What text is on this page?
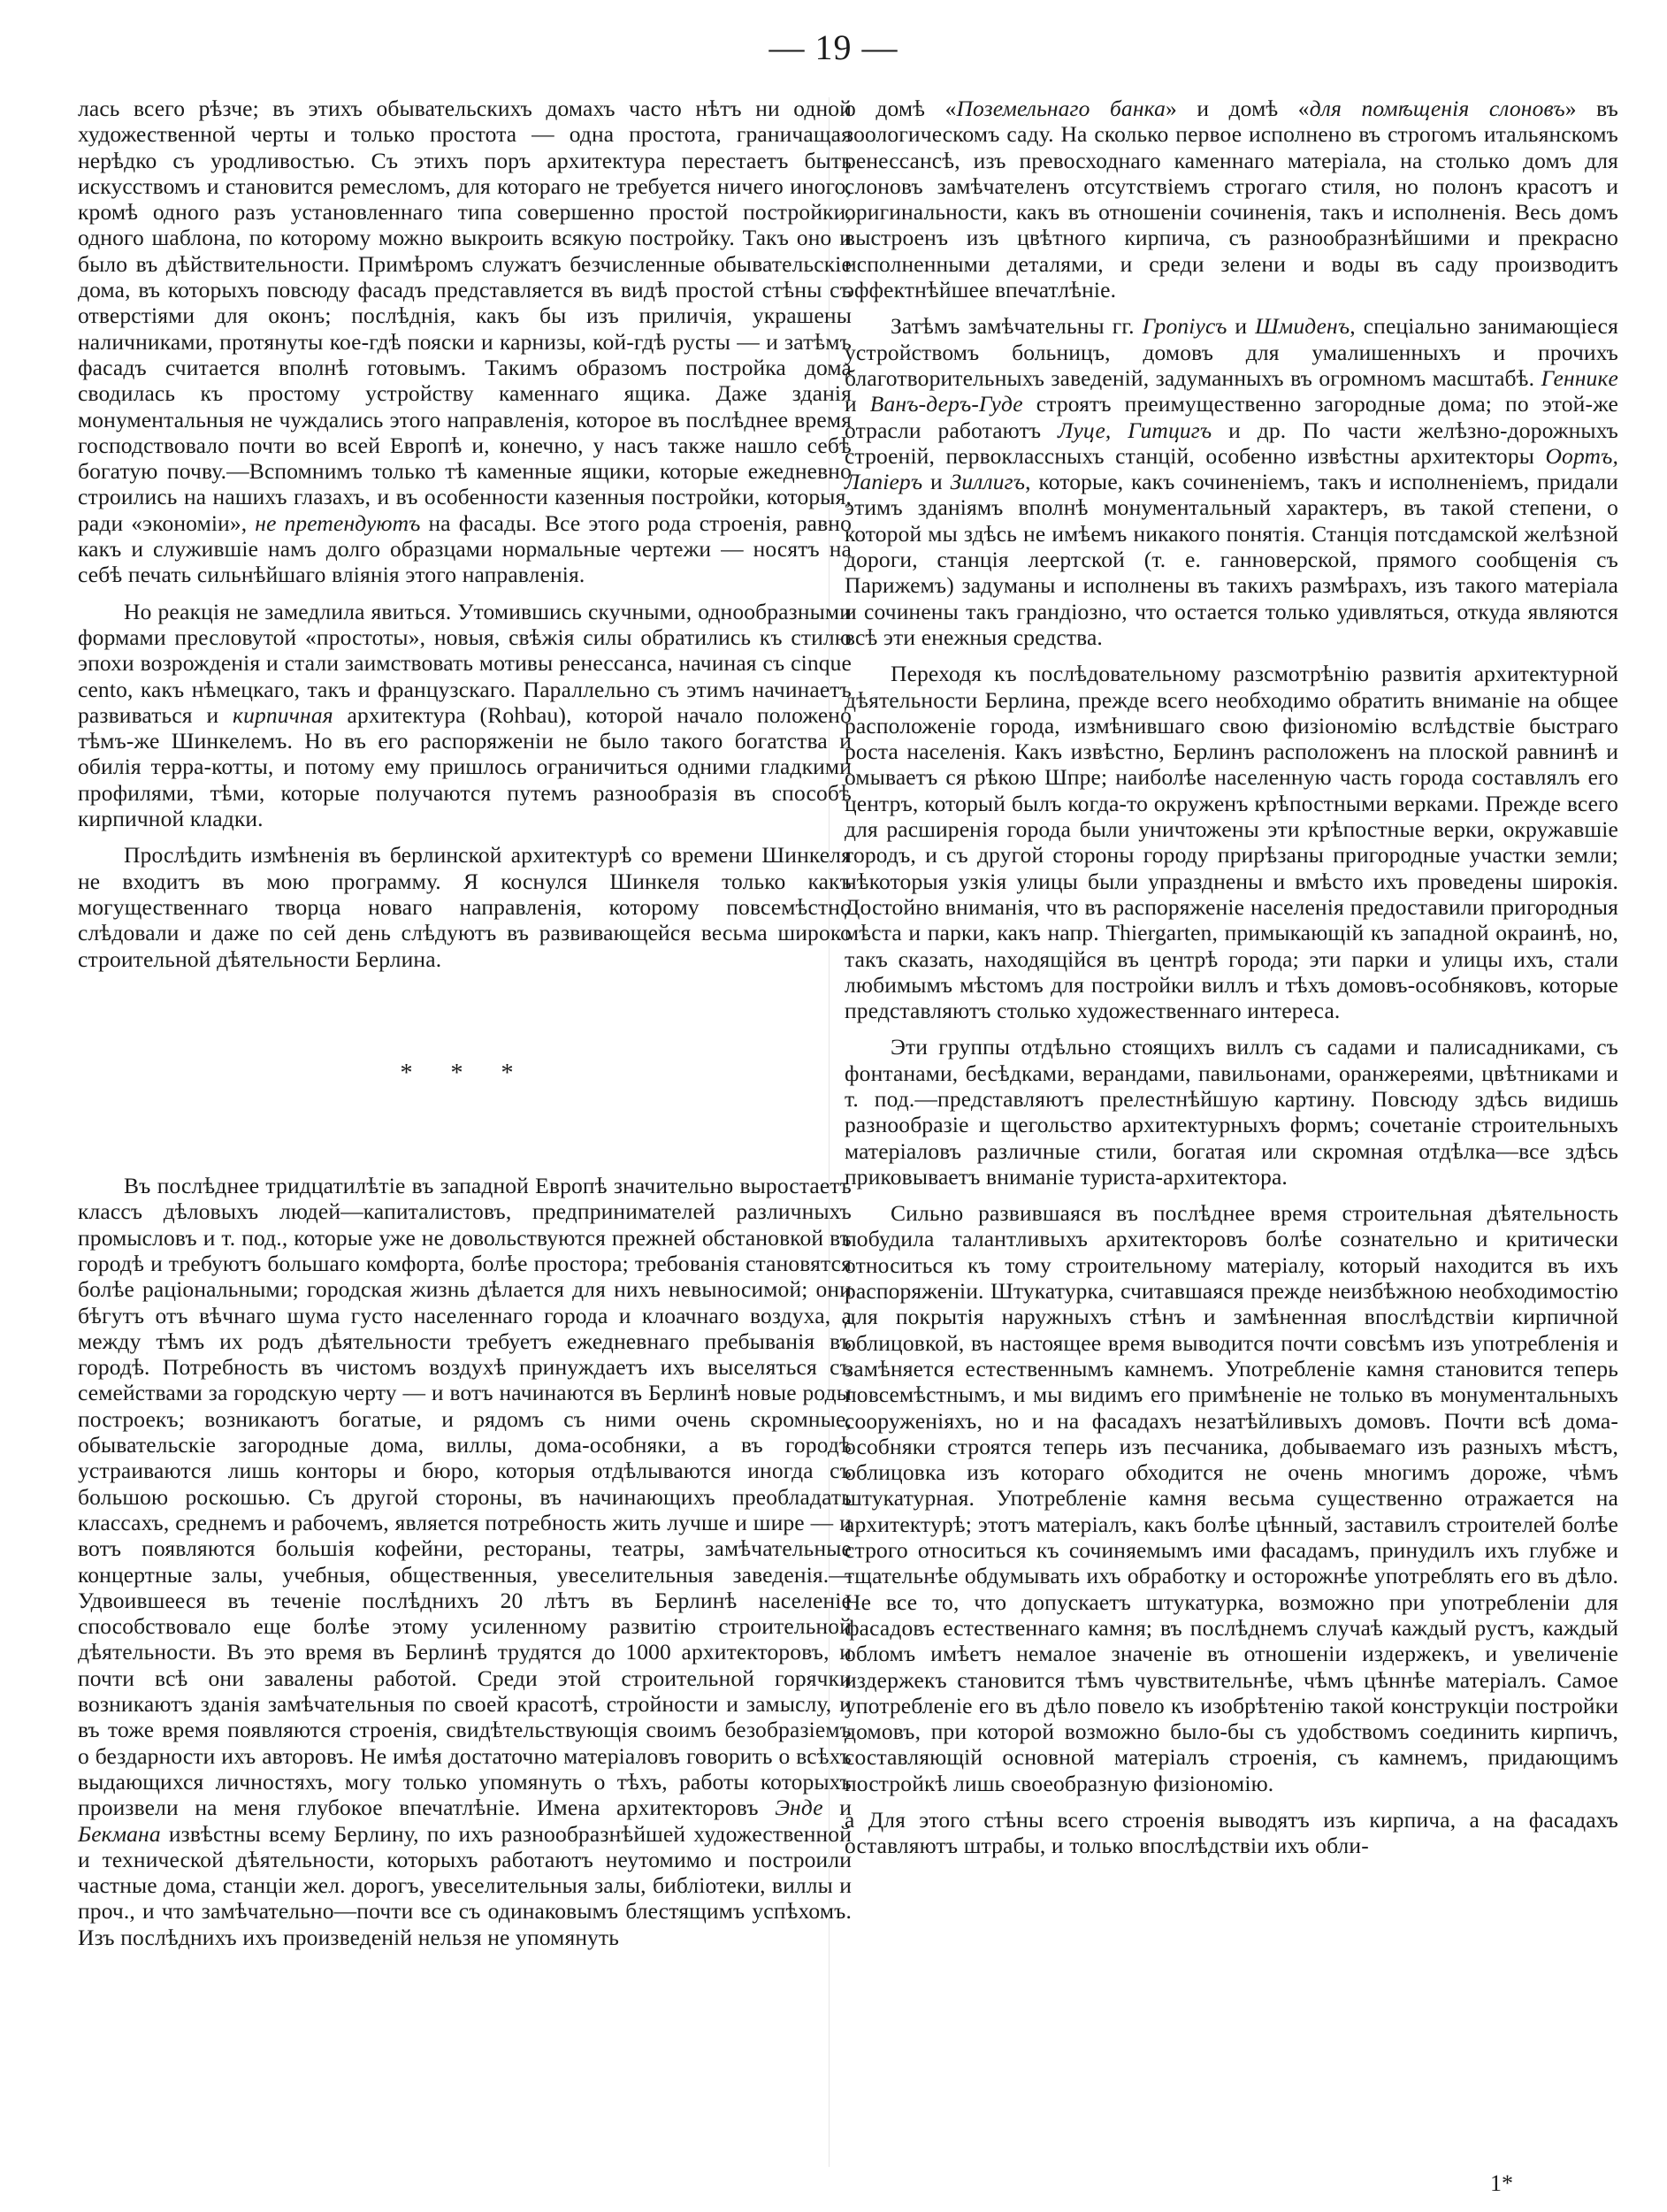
— 19 —

лась всего рѣзче; въ этихъ обывательскихъ домахъ часто нѣтъ ни одной художественной черты и только простота — одна простота, граничащая нерѣдко съ уродливостью. Съ этихъ поръ архитектура перестаетъ быть искусствомъ и становится ремесломъ, для котораго не требуется ничего иного, кромѣ одного разъ установленнаго типа совершенно простой постройки, одного шаблона, по которому можно выкроить всякую постройку. Такъ оно и было въ дѣйствительности. Примѣромъ служатъ безчисленные обывательскіе дома, въ которыхъ повсюду фасадъ представляется въ видѣ простой стѣны съ отверстіями для оконъ; послѣднія, какъ бы изъ приличія, украшены наличниками, протянуты кое-гдѣ пояски и карнизы, кой-гдѣ русты — и затѣмъ фасадъ считается вполнѣ готовымъ. Такимъ образомъ постройка дома сводилась къ простому устройству каменнаго ящика. Даже зданія монументальныя не чуждались этого направленія, которое въ послѣднее время господствовало почти во всей Европѣ и, конечно, у насъ также нашло себѣ богатую почву.—Вспомнимъ только тѣ каменные ящики, которые ежедневно строились на нашихъ глазахъ, и въ особенности казенныя постройки, которыя, ради «экономіи», не претендуютъ на фасады. Все этого рода строенія, равно какъ и служившіе намъ долго образцами нормальные чертежи — носятъ на себѣ печать сильнѣйшаго вліянія этого направленія.

Но реакція не замедлила явиться. Утомившись скучными, однообразными формами пресловутой «простоты», новыя, свѣжія силы обратились къ стилю эпохи возрожденія и стали заимствовать мотивы ренессанса, начиная съ cinque cento, какъ нѣмецкаго, такъ и французскаго. Параллельно съ этимъ начинаетъ развиваться и кирпичная архитектура (Rohbau), которой начало положено тѣмъ-же Шинкелемъ. Но въ его распоряженіи не было такого богатства и обилія терра-котты, и потому ему пришлось ограничиться одними гладкими профилями, тѣми, которые получаются путемъ разнообразія въ способѣ кирпичной кладки.

Прослѣдить измѣненія въ берлинской архитектурѣ со времени Шинкеля не входитъ въ мою программу. Я коснулся Шинкеля только какъ могущественнаго творца новаго направленія, которому повсемѣстно слѣдовали и даже по сей день слѣдуютъ въ развивающейся весьма широко строительной дѣятельности Берлина.

* * *

Въ послѣднее тридцатилѣтіе въ западной Европѣ значительно выростаетъ классъ дѣловыхъ людей—капиталистовъ, предпринимателей различныхъ промысловъ и т. под., которые уже не довольствуются прежней обстановкой въ городѣ и требуютъ большаго комфорта, болѣе простора; требованія становятся болѣе раціональными; городская жизнь дѣлается для нихъ невыносимой; они бѣгутъ отъ вѣчнаго шума густо населеннаго города и клоачнаго воздуха, а между тѣмъ их родъ дѣятельности требуетъ ежедневнаго пребыванія въ городѣ. Потребность въ чистомъ воздухѣ принуждаетъ ихъ выселяться съ семействами за городскую черту — и вотъ начинаются въ Берлинѣ новые роды построекъ; возникаютъ богатые, и рядомъ съ ними очень скромные, обывательскіе загородные дома, виллы, дома-особняки, а въ городѣ устраиваются лишь конторы и бюро, которыя отдѣлываются иногда съ большою роскошью. Съ другой стороны, въ начинающихъ преобладать классахъ, среднемъ и рабочемъ, является потребность жить лучше и шире — и вотъ появляются большія кофейни, рестораны, театры, замѣчательные концертные залы, учебныя, общественныя, увеселительныя заведенія.—Удвоившееся въ теченіе послѣднихъ 20 лѣтъ въ Берлинѣ населеніе способствовало еще болѣе этому усиленному развитію строительной дѣятельности. Въ это время въ Берлинѣ трудятся до 1000 архитекторовъ, и почти всѣ они завалены работой. Среди этой строительной горячки возникаютъ зданія замѣчательныя по своей красотѣ, стройности и замыслу, и въ тоже время появляются строенія, свидѣтельствующія своимъ безобразіемъ о бездарности ихъ авторовъ. Не имѣя достаточно матеріаловъ говорить о всѣхъ выдающихся личностяхъ, могу только упомянуть о тѣхъ, работы которыхъ произвели на меня глубокое впечатлѣніе. Имена архитекторовъ Энде и Бекмана извѣстны всему Берлину, по ихъ разнообразнѣйшей художественной и технической дѣятельности, которыхъ работаютъ неутомимо и построили частные дома, станціи жел. дорогъ, увеселительныя залы, библіотеки, виллы и проч., и что замѣчательно—почти все съ одинаковымъ блестящимъ успѣхомъ. Изъ послѣднихъ ихъ произведеній нельзя не упомянуть

о домѣ «Поземельнаго банка» и домѣ «для помѣщенія слоновъ» въ зоологическомъ саду. На сколько первое исполнено въ строгомъ итальянскомъ ренессансѣ, изъ превосходнаго каменнаго матеріала, на столько домъ для слоновъ замѣчателенъ отсутствіемъ строгаго стиля, но полонъ красотъ и оригинальности, какъ въ отношеніи сочиненія, такъ и исполненія. Весь домъ выстроенъ изъ цвѣтного кирпича, съ разнообразнѣйшими и прекрасно исполненными деталями, и среди зелени и воды въ саду производитъ эффектнѣйшее впечатлѣніе.

Затѣмъ замѣчательны гг. Гропіусъ и Шмиденъ, спеціально занимающіеся устройствомъ больницъ, домовъ для умалишенныхъ и прочихъ благотворительныхъ заведеній, задуманныхъ въ огромномъ масштабѣ. Генникe и Ванъ-деръ-Гуде строятъ преимущественно загородные дома; по этой-же отрасли работаютъ Луце, Гитцигъ и др. По части желѣзно-дорожныхъ строеній, первоклассныхъ станцій, особенно извѣстны архитекторы Оортъ, Лапіеръ и Зиллигъ, которые, какъ сочиненіемъ, такъ и исполненіемъ, придали этимъ зданіямъ вполнѣ монументальный характеръ, въ такой степени, о которой мы здѣсь не имѣемъ никакого понятія. Станція потсдамской желѣзной дороги, станція леертской (т. е. ганноверской, прямого сообщенія съ Парижемъ) задуманы и исполнены въ такихъ размѣрахъ, изъ такого матеріала и сочинены такъ грандіозно, что остается только удивляться, откуда являются всѣ эти енежныя средства.

Переходя къ послѣдовательному разсмотрѣнію развитія архитектурной дѣятельности Берлина, прежде всего необходимо обратить вниманіе на общее расположеніе города, измѣнившаго свою физіономію вслѣдствіе быстраго роста населенія. Какъ извѣстно, Берлинъ расположенъ на плоской равнинѣ и омываетъ ся рѣкою Шпре; наиболѣе населенную часть города составлялъ его центръ, который былъ когда-то окруженъ крѣпостными верками. Прежде всего для расширенія города были уничтожены эти крѣпостные верки, окружавшіе городъ, и съ другой стороны городу прирѣзаны пригородные участки земли; нѣкоторыя узкія улицы были упразднены и вмѣсто ихъ проведены широкія. Достойно вниманія, что въ распоряженіе населенія предоставили пригородныя мѣста и парки, какъ напр. Thiergarten, примыкающій къ западной окраинѣ, но, такъ сказать, находящійся въ центрѣ города; эти парки и улицы ихъ, стали любимымъ мѣстомъ для постройки виллъ и тѣхъ домовъ-особняковъ, которые представляютъ столько художественнаго интереса.

Эти группы отдѣльно стоящихъ виллъ съ садами и палисадниками, съ фонтанами, бесѣдками, верандами, павильонами, оранжереями, цвѣтниками и т. под.—представляютъ прелестнѣйшую картину. Повсюду здѣсь видишь разнообразіе и щегольство архитектурныхъ формъ; сочетаніе строительныхъ матеріаловъ различные стили, богатая или скромная отдѣлка—все здѣсь приковываетъ вниманіе туриста-архитектора.

Сильно развившаяся въ послѣднее время строительная дѣятельность побудила талантливыхъ архитекторовъ болѣе сознательно и критически относиться къ тому строительному матеріалу, который находится въ ихъ распоряженіи. Штукатурка, считавшаяся прежде неизбѣжною необходимостію для покрытія наружныхъ стѣнъ и замѣненная впослѣдствіи кирпичной облицовкой, въ настоящее время выводится почти совсѣмъ изъ употребленія и замѣняется естественнымъ камнемъ. Употребленіе камня становится теперь повсемѣстнымъ, и мы видимъ его примѣненіе не только въ монументальныхъ сооруженіяхъ, но и на фасадахъ незатѣйливыхъ домовъ. Почти всѣ дома-особняки строятся теперь изъ песчаника, добываемаго изъ разныхъ мѣстъ, облицовка изъ котораго обходится не очень многимъ дороже, чѣмъ штукатурная. Употребленіе камня весьма существенно отражается на архитектурѣ; этотъ матеріалъ, какъ болѣе цѣнный, заставилъ строителей болѣе строго относиться къ сочиняемымъ ими фасадамъ, принудилъ ихъ глубже и тщательнѣе обдумывать ихъ обработку и осторожнѣе употреблять его въ дѣло. Не все то, что допускаетъ штукатурка, возможно при употребленіи для фасадовъ естественнаго камня; въ послѣднемъ случаѣ каждый рустъ, каждый обломъ имѣетъ немалое значеніе въ отношеніи издержекъ, и увеличеніе издержекъ становится тѣмъ чувствительнѣе, чѣмъ цѣннѣе матеріалъ. Самое употребленіе его въ дѣло повело къ изобрѣтенію такой конструкціи постройки домовъ, при которой возможно было-бы съ удобствомъ соединить кирпичъ, составляющій основной матеріалъ строенія, съ камнемъ, придающимъ постройкѣ лишь своеобразную физіономію.

а Для этого стѣны всего строенія выводятъ изъ кирпича, а на фасадахъ оставляютъ штрабы, и только впослѣдствіи ихъ обли-

1*
